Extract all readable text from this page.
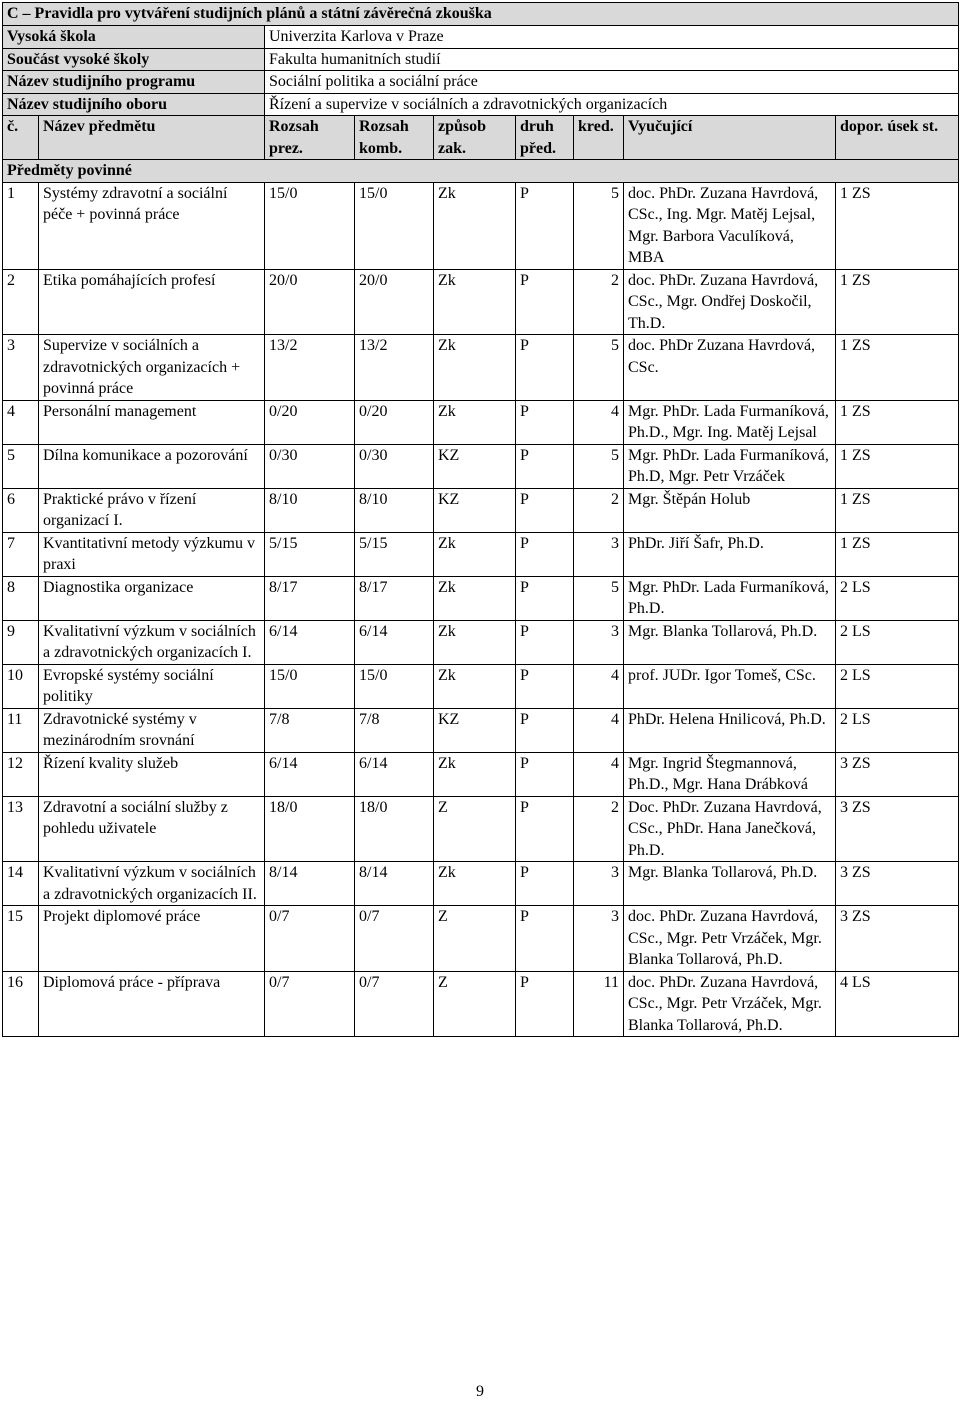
C – Pravidla pro vytváření studijních plánů a státní závěrečná zkouška								
Vysoká škola		Univerzita Karlova v Praze						
Součást vysoké školy		Fakulta humanitních studií						
Název studijního programu		Sociální politika a sociální práce						
Název studijního oboru		Řízení a supervize v sociálních a zdravotnických organizacích						
č.	Název předmětu	Rozsah prez.	Rozsah komb.	způsob zak.	druh před.	kred.	Vyučující	dopor. úsek st.
Předměty povinné								
1	Systémy zdravotní a sociální péče + povinná práce	15/0	15/0	Zk	P	5	doc. PhDr. Zuzana Havrdová, CSc., Ing. Mgr. Matěj Lejsal, Mgr. Barbora Vaculíková, MBA	1 ZS
2	Etika pomáhajících profesí	20/0	20/0	Zk	P	2	doc. PhDr. Zuzana Havrdová, CSc., Mgr. Ondřej Doskočil, Th.D.	1 ZS
3	Supervize v sociálních a zdravotnických organizacích + povinná práce	13/2	13/2	Zk	P	5	doc. PhDr Zuzana Havrdová, CSc.	1 ZS
4	Personální management	0/20	0/20	Zk	P	4	Mgr. PhDr. Lada Furmaníková, Ph.D., Mgr. Ing. Matěj Lejsal	1 ZS
5	Dílna komunikace a pozorování	0/30	0/30	KZ	P	5	Mgr. PhDr. Lada Furmaníková, Ph.D, Mgr. Petr Vrzáček	1 ZS
6	Praktické právo v řízení organizací I.	8/10	8/10	KZ	P	2	Mgr. Štěpán Holub	1 ZS
7	Kvantitativní metody výzkumu v praxi	5/15	5/15	Zk	P	3	PhDr. Jiří Šafr, Ph.D.	1 ZS
8	Diagnostika organizace	8/17	8/17	Zk	P	5	Mgr. PhDr. Lada Furmaníková, Ph.D.	2 LS
9	Kvalitativní výzkum v sociálních a zdravotnických organizacích I.	6/14	6/14	Zk	P	3	Mgr. Blanka Tollarová, Ph.D.	2 LS
10	Evropské systémy sociální politiky	15/0	15/0	Zk	P	4	prof. JUDr. Igor Tomeš, CSc.	2 LS
11	Zdravotnické systémy v mezinárodním srovnání	7/8	7/8	KZ	P	4	PhDr. Helena Hnilicová, Ph.D.	2 LS
12	Řízení kvality služeb	6/14	6/14	Zk	P	4	Mgr. Ingrid Štegmannová, Ph.D., Mgr. Hana Drábková	3 ZS
13	Zdravotní a sociální služby z pohledu uživatele	18/0	18/0	Z	P	2	Doc. PhDr. Zuzana Havrdová, CSc., PhDr. Hana Janečková, Ph.D.	3 ZS
14	Kvalitativní výzkum v sociálních a zdravotnických organizacích II.	8/14	8/14	Zk	P	3	Mgr. Blanka Tollarová, Ph.D.	3 ZS
15	Projekt diplomové práce	0/7	0/7	Z	P	3	doc. PhDr. Zuzana Havrdová, CSc., Mgr. Petr Vrzáček, Mgr. Blanka Tollarová, Ph.D.	3 ZS
16	Diplomová práce - příprava	0/7	0/7	Z	P	11	doc. PhDr. Zuzana Havrdová, CSc., Mgr. Petr Vrzáček, Mgr. Blanka Tollarová, Ph.D.	4 LS
9
